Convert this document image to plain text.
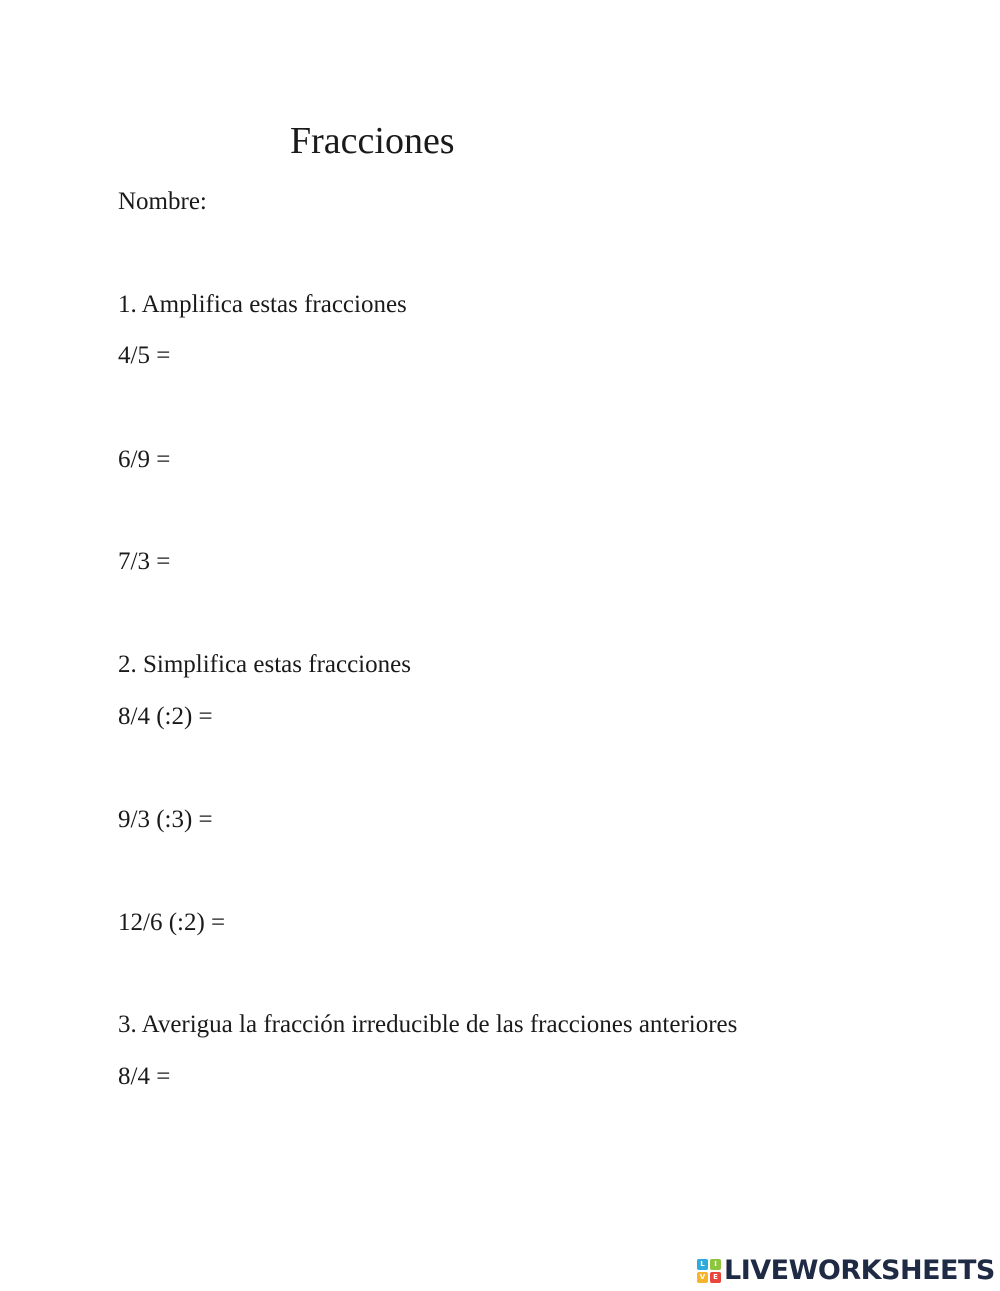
Fracciones
Nombre:
1. Amplifica estas fracciones
4/5 =
6/9 =
7/3 =
2. Simplifica estas fracciones
8/4 (:2) =
9/3 (:3) =
12/6 (:2) =
3. Averigua la fracción irreducible de las fracciones anteriores
8/4 =
L	I
V	E LIVEWORKSHEETS
